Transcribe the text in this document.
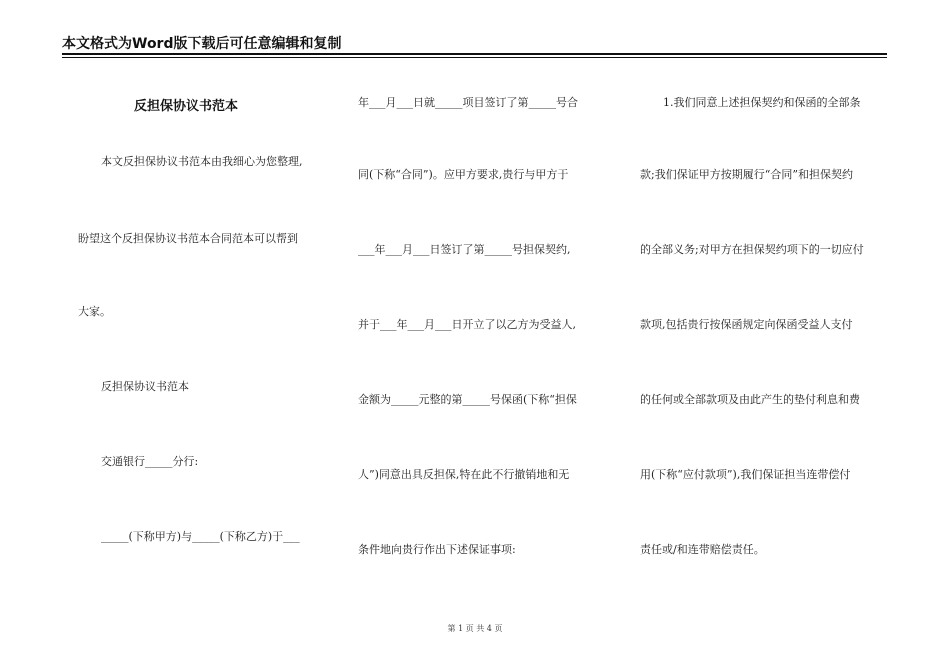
本文格式为Word版下载后可任意编辑和复制
反担保协议书范本
本文反担保协议书范本由我细心为您整理,
盼望这个反担保协议书范本合同范本可以帮到
大家。
反担保协议书范本
交通银行_____分行:
_____(下称甲方)与_____(下称乙方)于___
年___月___日就_____项目签订了第_____号合
同(下称“合同”)。应甲方要求,贵行与甲方于
___年___月___日签订了第_____号担保契约,
并于___年___月___日开立了以乙方为受益人,
金额为_____元整的第_____号保函(下称“担保
人”)同意出具反担保,特在此不行撤销地和无
条件地向贵行作出下述保证事项:
1.我们同意上述担保契约和保函的全部条
款;我们保证甲方按期履行“合同”和担保契约
的全部义务;对甲方在担保契约项下的一切应付
款项,包括贵行按保函规定向保函受益人支付
的任何或全部款项及由此产生的垫付利息和费
用(下称“应付款项”),我们保证担当连带偿付
责任或/和连带赔偿责任。
第 1 页 共 4 页
